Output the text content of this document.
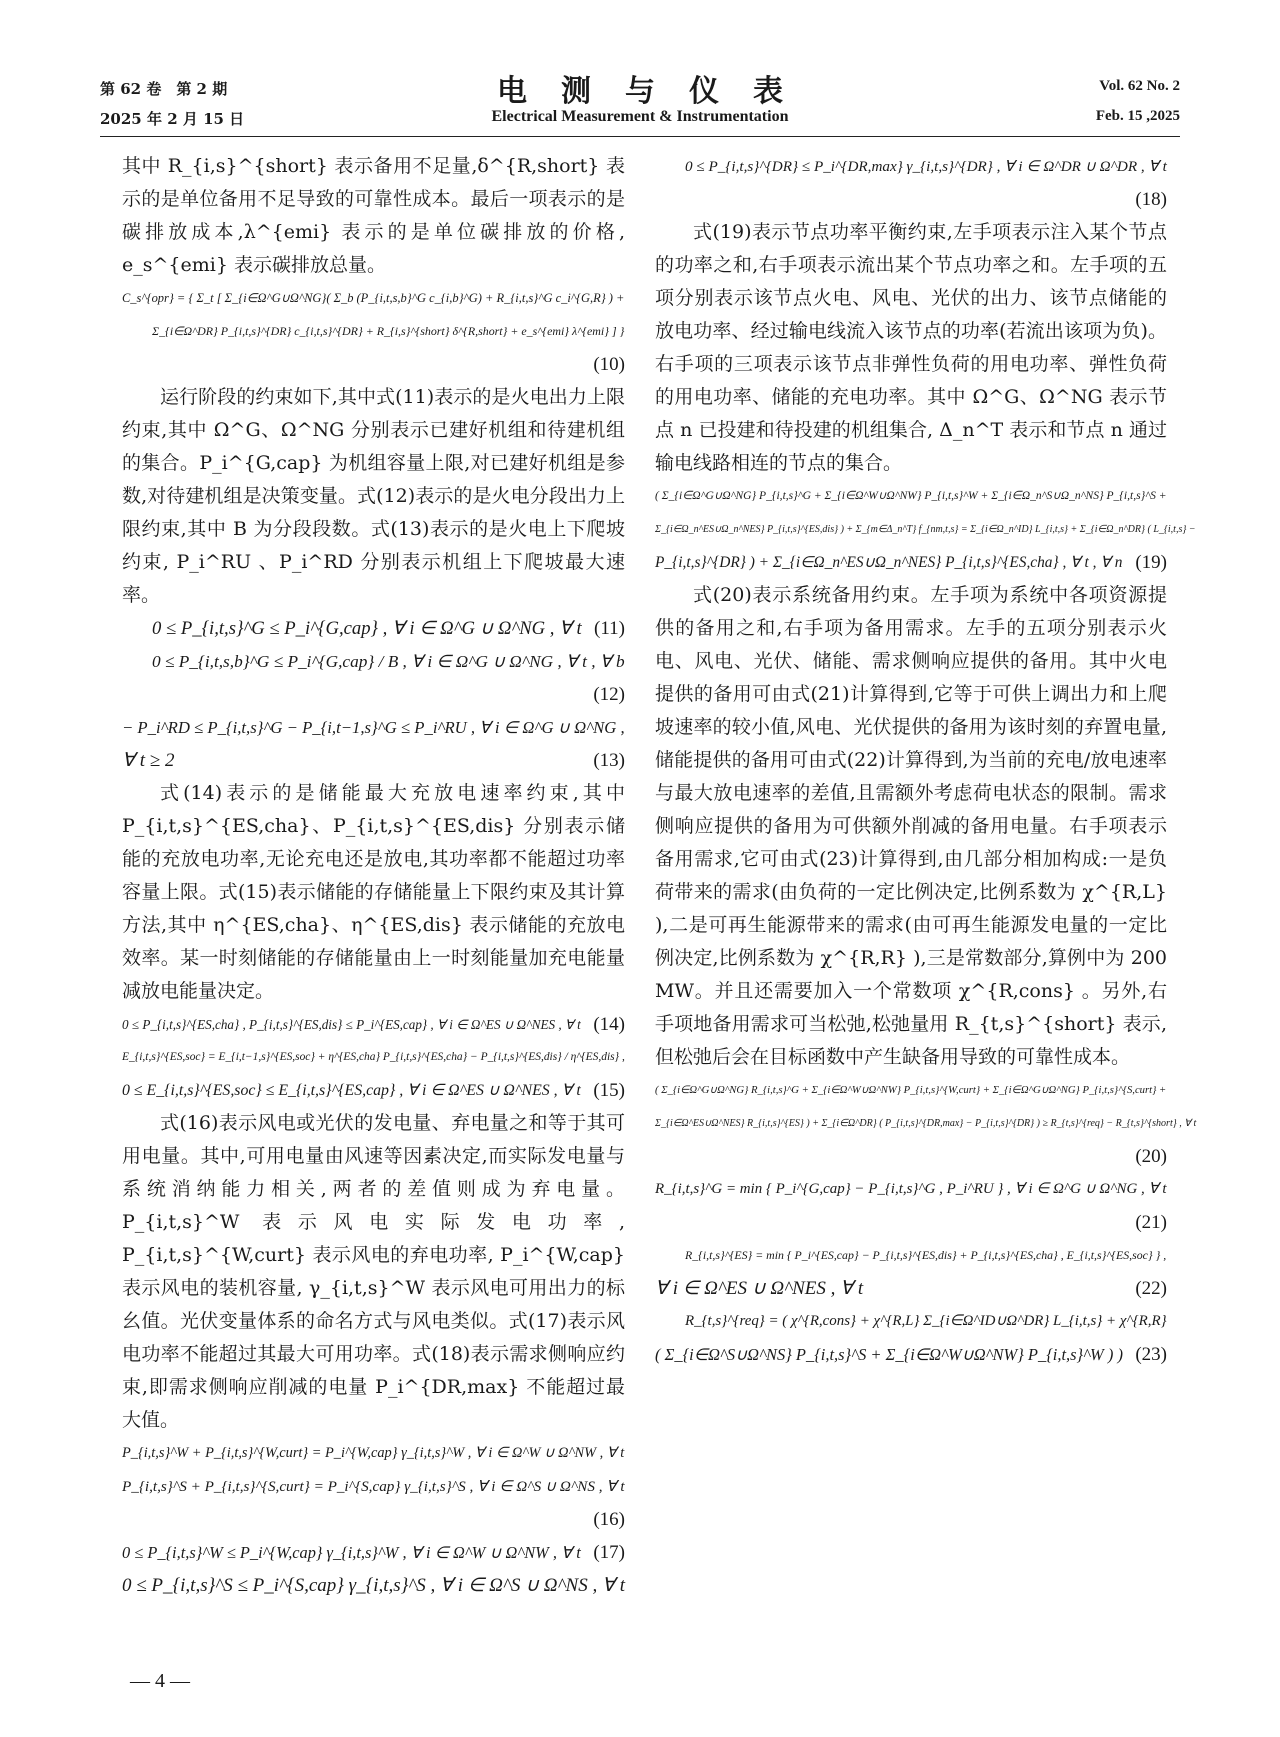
第 62 卷　第 2 期
2025 年 2 月 15 日
电测与仪表
Electrical Measurement & Instrumentation
Vol. 62 No. 2
Feb. 15 ,2025

其中 R_{i,s}^{short} 表示备用不足量,δ^{R,short} 表示的是单位备用不足导致的可靠性成本。最后一项表示的是碳排放成本,λ^{emi} 表示的是单位碳排放的价格, e_s^{emi} 表示碳排放总量。

C_s^{opr} = { Σ_t [ Σ_{i∈Ω^G∪Ω^NG}( Σ_b (P_{i,t,s,b}^G c_{i,b}^G) + R_{i,t,s}^G c_i^{G,R} ) +
Σ_{i∈Ω^DR} P_{i,t,s}^{DR} c_{i,t,s}^{DR} + R_{i,s}^{short} δ^{R,short} + e_s^{emi} λ^{emi} ] }
(10)

运行阶段的约束如下,其中式(11)表示的是火电出力上限约束,其中 Ω^G、Ω^NG 分别表示已建好机组和待建机组的集合。P_i^{G,cap} 为机组容量上限,对已建好机组是参数,对待建机组是决策变量。式(12)表示的是火电分段出力上限约束,其中 B 为分段段数。式(13)表示的是火电上下爬坡约束, P_i^RU 、P_i^RD 分别表示机组上下爬坡最大速率。

0 ≤ P_{i,t,s}^G ≤ P_i^{G,cap} , ∀ i ∈ Ω^G ∪ Ω^NG , ∀ t (11)
0 ≤ P_{i,t,s,b}^G ≤ P_i^{G,cap} / B , ∀ i ∈ Ω^G ∪ Ω^NG , ∀ t , ∀ b
(12)
− P_i^RD ≤ P_{i,t,s}^G − P_{i,t−1,s}^G ≤ P_i^RU , ∀ i ∈ Ω^G ∪ Ω^NG ,
∀ t ≥ 2	(13)

式(14)表示的是储能最大充放电速率约束,其中 P_{i,t,s}^{ES,cha}、P_{i,t,s}^{ES,dis} 分别表示储能的充放电功率,无论充电还是放电,其功率都不能超过功率容量上限。式(15)表示储能的存储能量上下限约束及其计算方法,其中 η^{ES,cha}、η^{ES,dis} 表示储能的充放电效率。某一时刻储能的存储能量由上一时刻能量加充电能量减放电能量决定。

0 ≤ P_{i,t,s}^{ES,cha} , P_{i,t,s}^{ES,dis} ≤ P_i^{ES,cap} , ∀ i ∈ Ω^ES ∪ Ω^NES , ∀ t (14)
E_{i,t,s}^{ES,soc} = E_{i,t−1,s}^{ES,soc} + η^{ES,cha} P_{i,t,s}^{ES,cha} − P_{i,t,s}^{ES,dis} / η^{ES,dis} ,
0 ≤ E_{i,t,s}^{ES,soc} ≤ E_{i,t,s}^{ES,cap} , ∀ i ∈ Ω^ES ∪ Ω^NES , ∀ t (15)

式(16)表示风电或光伏的发电量、弃电量之和等于其可用电量。其中,可用电量由风速等因素决定,而实际发电量与系统消纳能力相关,两者的差值则成为弃电量。P_{i,t,s}^W 表示风电实际发电功率, P_{i,t,s}^{W,curt} 表示风电的弃电功率, P_i^{W,cap} 表示风电的装机容量, γ_{i,t,s}^W 表示风电可用出力的标幺值。光伏变量体系的命名方式与风电类似。式(17)表示风电功率不能超过其最大可用功率。式(18)表示需求侧响应约束,即需求侧响应削减的电量 P_i^{DR,max} 不能超过最大值。

P_{i,t,s}^W + P_{i,t,s}^{W,curt} = P_i^{W,cap} γ_{i,t,s}^W , ∀ i ∈ Ω^W ∪ Ω^NW , ∀ t
P_{i,t,s}^S + P_{i,t,s}^{S,curt} = P_i^{S,cap} γ_{i,t,s}^S , ∀ i ∈ Ω^S ∪ Ω^NS , ∀ t
(16)
0 ≤ P_{i,t,s}^W ≤ P_i^{W,cap} γ_{i,t,s}^W , ∀ i ∈ Ω^W ∪ Ω^NW , ∀ t (17)
0 ≤ P_{i,t,s}^S ≤ P_i^{S,cap} γ_{i,t,s}^S , ∀ i ∈ Ω^S ∪ Ω^NS , ∀ t
0 ≤ P_{i,t,s}^{DR} ≤ P_i^{DR,max} γ_{i,t,s}^{DR} , ∀ i ∈ Ω^DR ∪ Ω^DR , ∀ t
(18)

式(19)表示节点功率平衡约束,左手项表示注入某个节点的功率之和,右手项表示流出某个节点功率之和。左手项的五项分别表示该节点火电、风电、光伏的出力、该节点储能的放电功率、经过输电线流入该节点的功率(若流出该项为负)。右手项的三项表示该节点非弹性负荷的用电功率、弹性负荷的用电功率、储能的充电功率。其中 Ω^G、Ω^NG 表示节点 n 已投建和待投建的机组集合, Δ_n^T 表示和节点 n 通过输电线路相连的节点的集合。

( Σ_{i∈Ω^G∪Ω^NG} P_{i,t,s}^G + Σ_{i∈Ω^W∪Ω^NW} P_{i,t,s}^W + Σ_{i∈Ω_n^S∪Ω_n^NS} P_{i,t,s}^S +
Σ_{i∈Ω_n^ES∪Ω_n^NES} P_{i,t,s}^{ES,dis} ) + Σ_{m∈Δ_n^T} f_{nm,t,s} = Σ_{i∈Ω_n^ID} L_{i,t,s} + Σ_{i∈Ω_n^DR} ( L_{i,t,s} −
P_{i,t,s}^{DR} ) + Σ_{i∈Ω_n^ES∪Ω_n^NES} P_{i,t,s}^{ES,cha} , ∀ t , ∀ n (19)

式(20)表示系统备用约束。左手项为系统中各项资源提供的备用之和,右手项为备用需求。左手的五项分别表示火电、风电、光伏、储能、需求侧响应提供的备用。其中火电提供的备用可由式(21)计算得到,它等于可供上调出力和上爬坡速率的较小值,风电、光伏提供的备用为该时刻的弃置电量,储能提供的备用可由式(22)计算得到,为当前的充电/放电速率与最大放电速率的差值,且需额外考虑荷电状态的限制。需求侧响应提供的备用为可供额外削减的备用电量。右手项表示备用需求,它可由式(23)计算得到,由几部分相加构成:一是负荷带来的需求(由负荷的一定比例决定,比例系数为 χ^{R,L} ),二是可再生能源带来的需求(由可再生能源发电量的一定比例决定,比例系数为 χ^{R,R} ),三是常数部分,算例中为 200 MW。并且还需要加入一个常数项 χ^{R,cons} 。另外,右手项地备用需求可当松弛,松弛量用 R_{t,s}^{short} 表示,但松弛后会在目标函数中产生缺备用导致的可靠性成本。

( Σ_{i∈Ω^G∪Ω^NG} R_{i,t,s}^G + Σ_{i∈Ω^W∪Ω^NW} P_{i,t,s}^{W,curt} + Σ_{i∈Ω^G∪Ω^NG} P_{i,t,s}^{S,curt} +
Σ_{i∈Ω^ES∪Ω^NES} R_{i,t,s}^{ES} ) + Σ_{i∈Ω^DR} ( P_{i,t,s}^{DR,max} − P_{i,t,s}^{DR} ) ≥ R_{t,s}^{req} − R_{t,s}^{short} , ∀ t
(20)
R_{i,t,s}^G = min { P_i^{G,cap} − P_{i,t,s}^G , P_i^RU } , ∀ i ∈ Ω^G ∪ Ω^NG , ∀ t
(21)
R_{i,t,s}^{ES} = min { P_i^{ES,cap} − P_{i,t,s}^{ES,dis} + P_{i,t,s}^{ES,cha} , E_{i,t,s}^{ES,soc} } ,
∀ i ∈ Ω^ES ∪ Ω^NES , ∀ t	(22)
R_{t,s}^{req} = ( χ^{R,cons} + χ^{R,L} Σ_{i∈Ω^ID∪Ω^DR} L_{i,t,s} + χ^{R,R}
( Σ_{i∈Ω^S∪Ω^NS} P_{i,t,s}^S + Σ_{i∈Ω^W∪Ω^NW} P_{i,t,s}^W ) ) (23)
— 4 —
